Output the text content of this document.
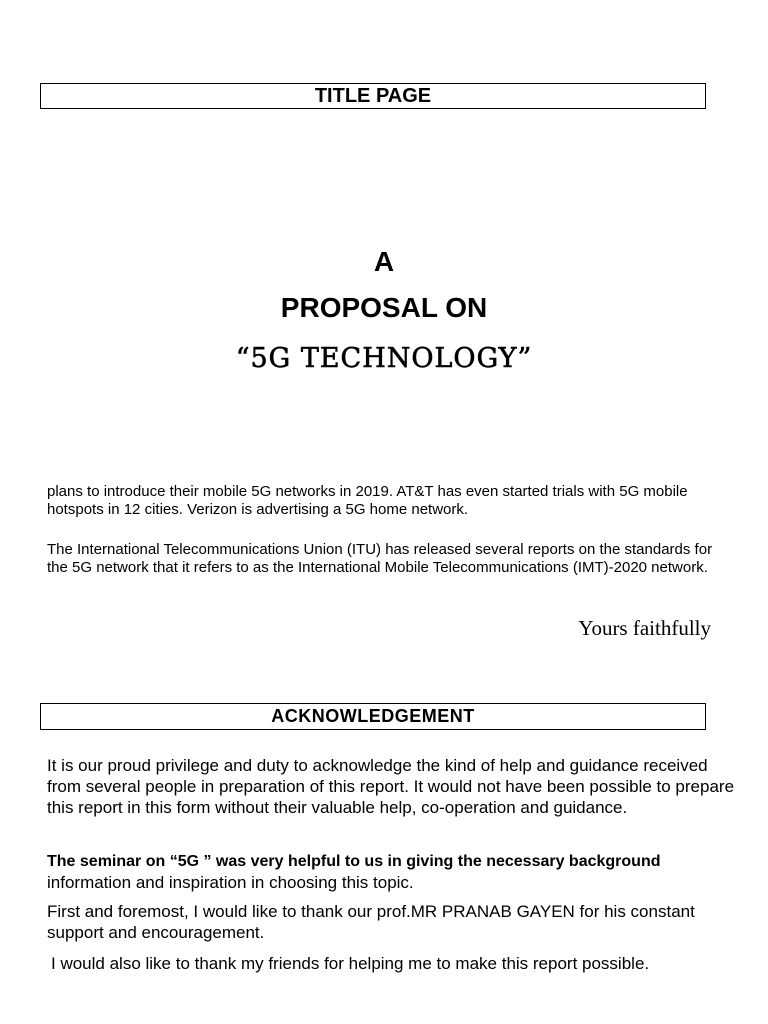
TITLE PAGE
A
PROPOSAL ON
“5G TECHNOLOGY”
plans to introduce their mobile 5G networks in 2019. AT&T has even started trials with 5G mobile hotspots in 12 cities. Verizon is advertising a 5G home network.
The International Telecommunications Union (ITU) has released several reports on the standards for the 5G network that it refers to as the International Mobile Telecommunications (IMT)-2020 network.
Yours faithfully
ACKNOWLEDGEMENT
It is our proud privilege and duty to acknowledge the kind of help and guidance received from several people in preparation of this report. It would not have been possible to prepare this report in this form without their valuable help, co-operation and guidance.
The seminar on “5G ” was very helpful to us in giving the necessary background information and inspiration in choosing this topic.
First and foremost, I would like to thank our prof.MR PRANAB GAYEN for his constant support and encouragement.
I would also like to thank my friends for helping me to make this report possible.
